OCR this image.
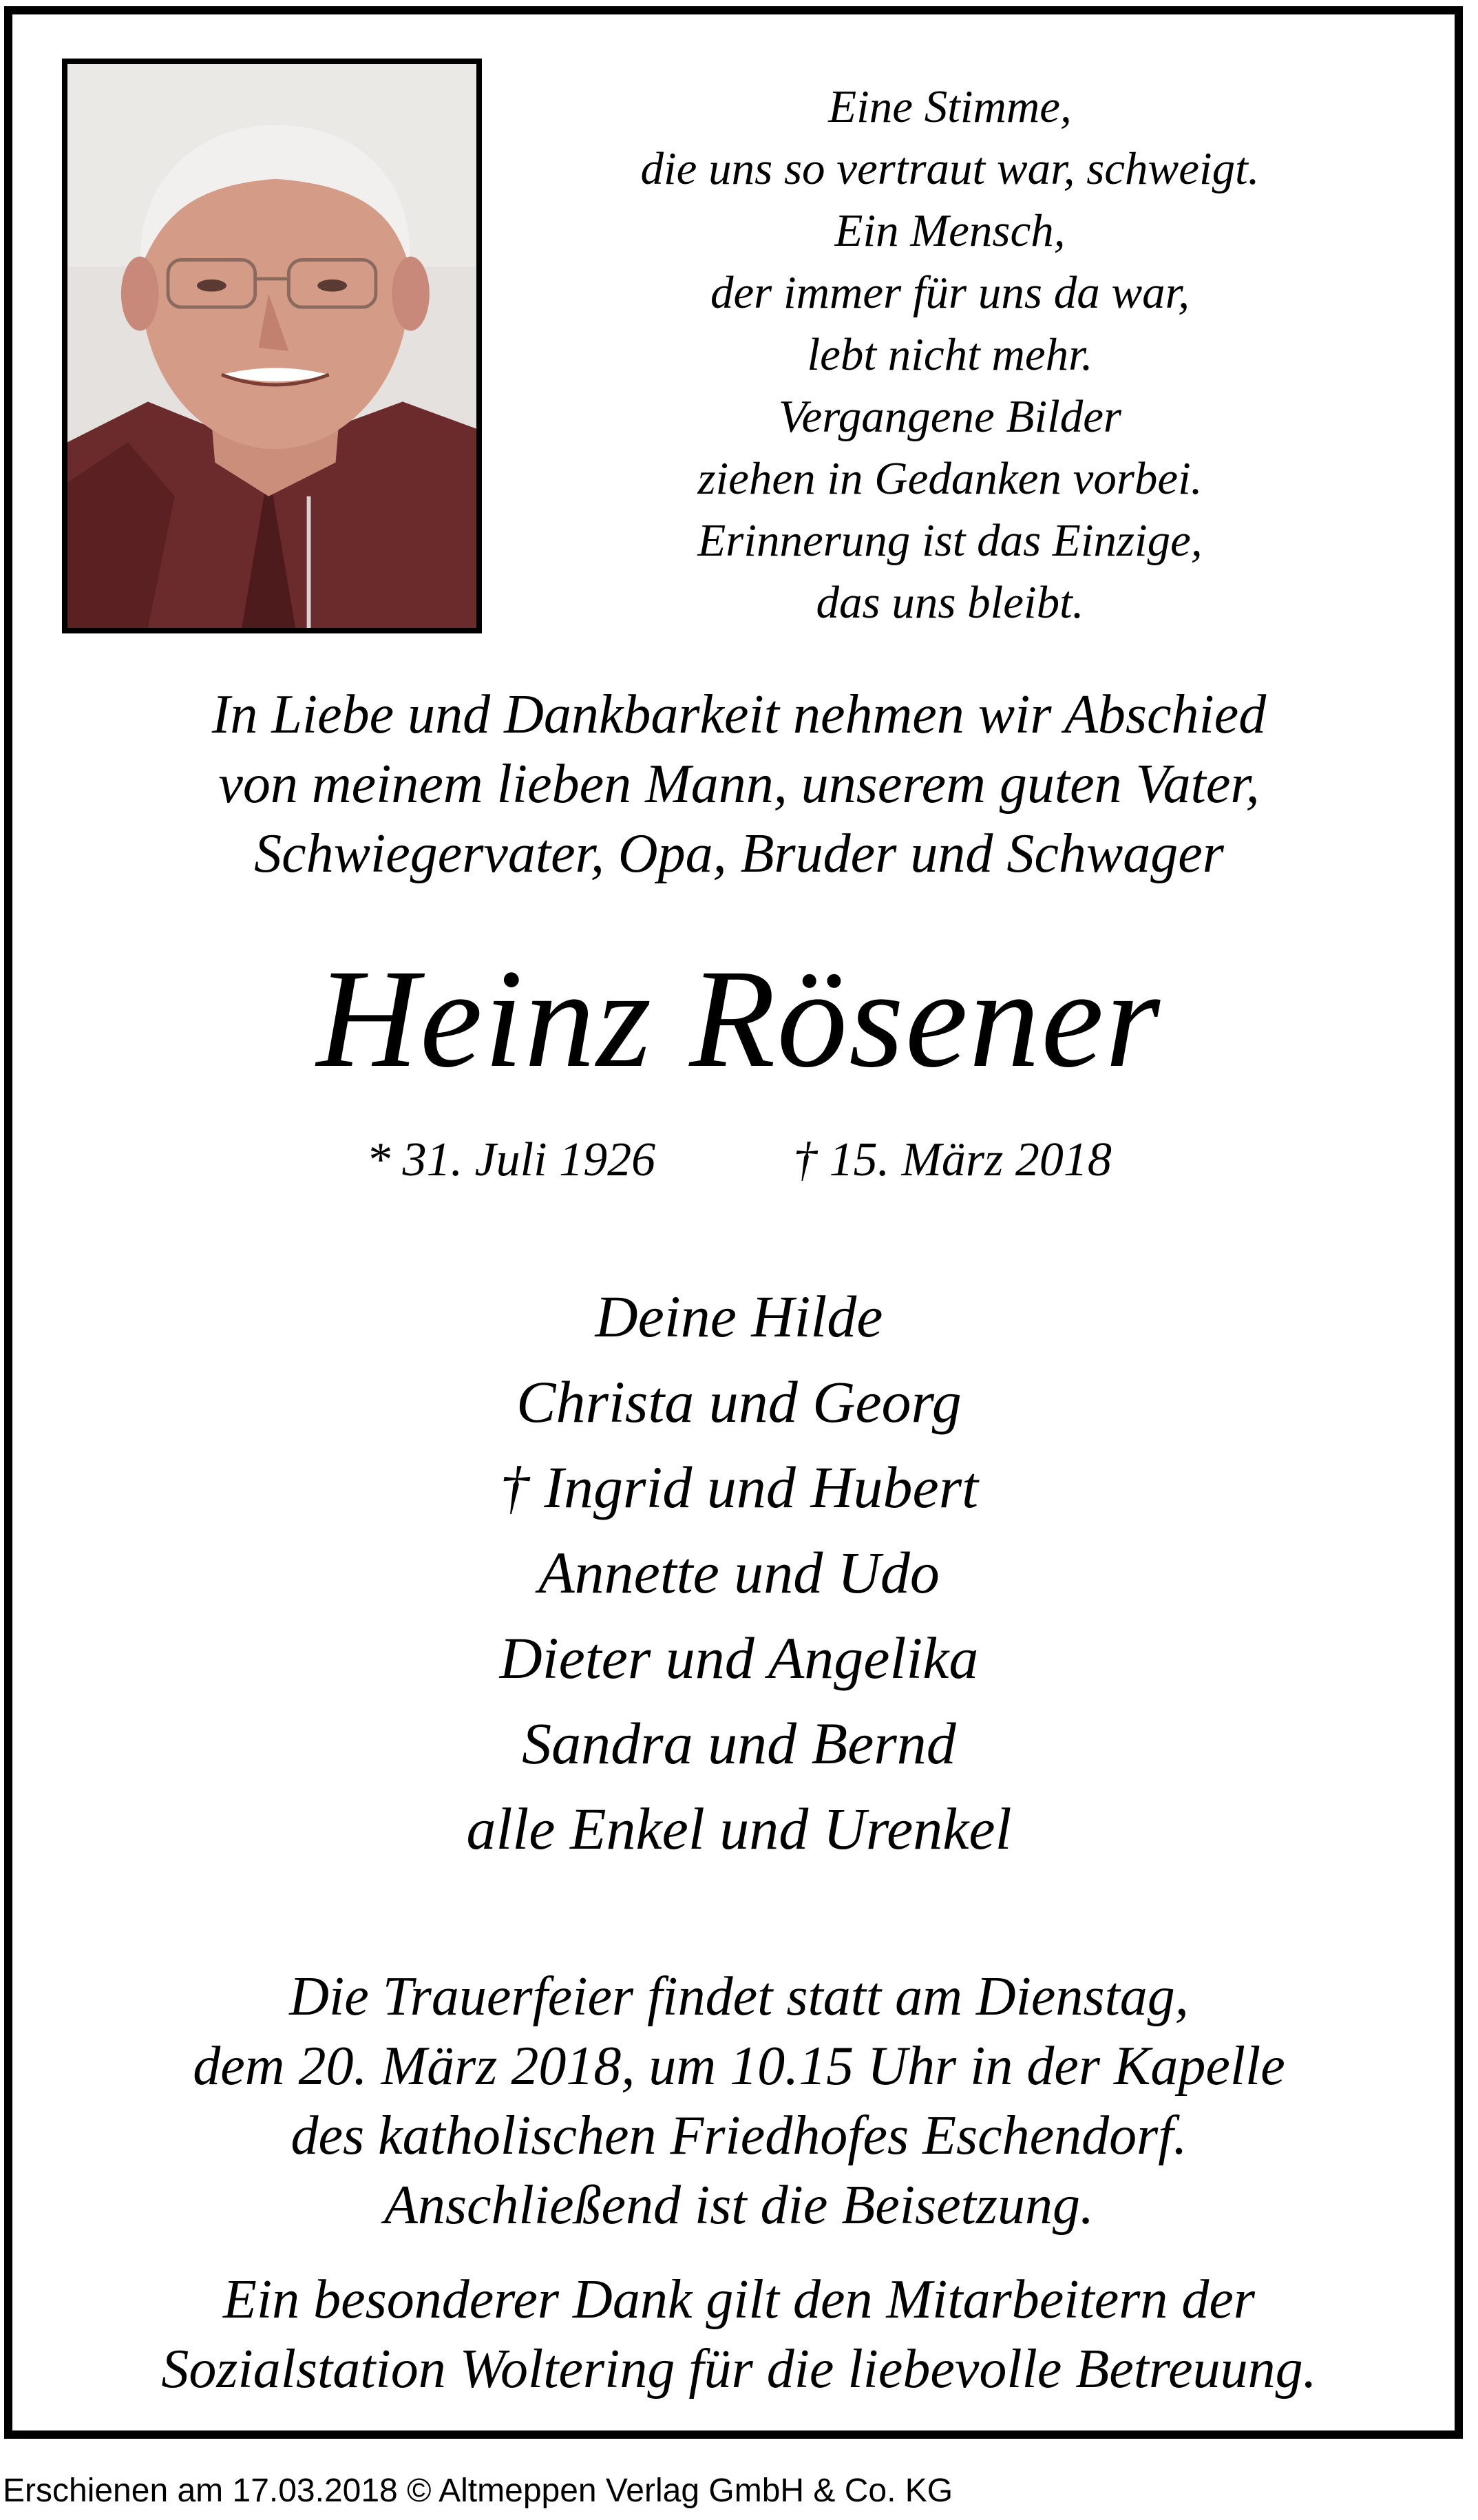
Eine Stimme,
die uns so vertraut war, schweigt.
Ein Mensch,
der immer für uns da war,
lebt nicht mehr.
Vergangene Bilder
ziehen in Gedanken vorbei.
Erinnerung ist das Einzige,
das uns bleibt.
In Liebe und Dankbarkeit nehmen wir Abschied
von meinem lieben Mann, unserem guten Vater,
Schwiegervater, Opa, Bruder und Schwager
Heinz Rösener
* 31. Juli 1926	† 15. März 2018
Deine Hilde
Christa und Georg
† Ingrid und Hubert
Annette und Udo
Dieter und Angelika
Sandra und Bernd
alle Enkel und Urenkel
Die Trauerfeier findet statt am Dienstag,
dem 20. März 2018, um 10.15 Uhr in der Kapelle
des katholischen Friedhofes Eschendorf.
Anschließend ist die Beisetzung.
Ein besonderer Dank gilt den Mitarbeitern der
Sozialstation Woltering für die liebevolle Betreuung.
Erschienen am 17.03.2018 © Altmeppen Verlag GmbH & Co. KG
